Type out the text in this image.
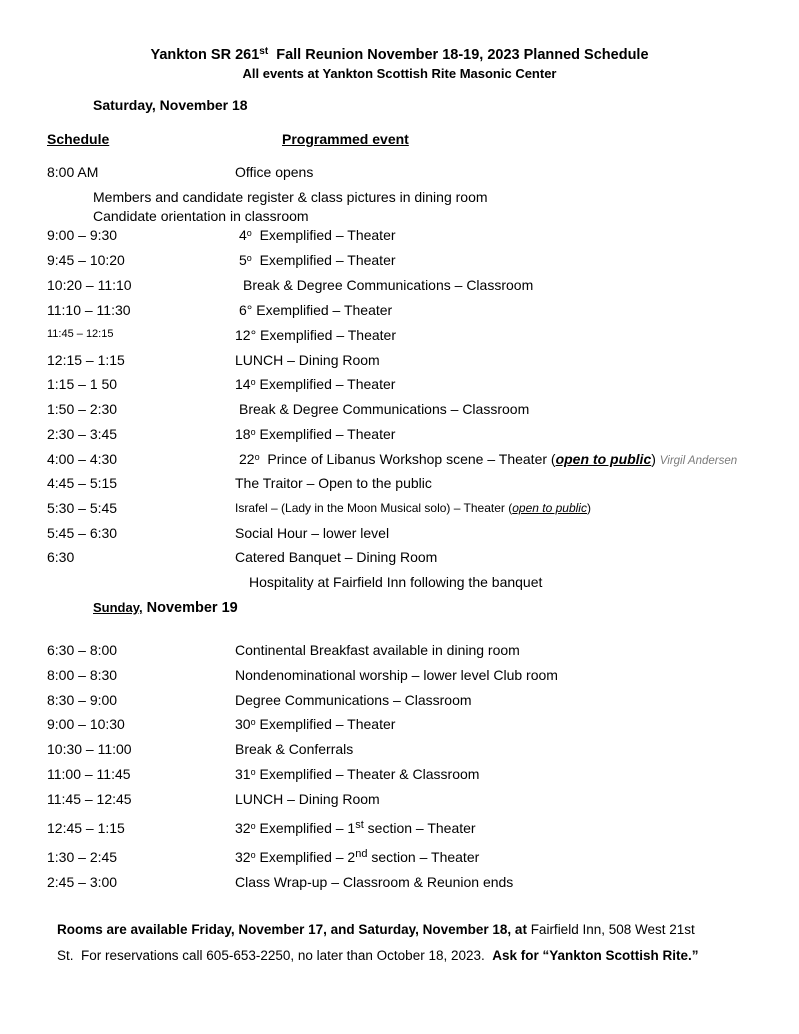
Yankton SR 261st  Fall Reunion November 18-19, 2023 Planned Schedule
All events at Yankton Scottish Rite Masonic Center
Saturday, November 18
Schedule	Programmed event
8:00 AM	Office opens
Members and candidate register & class pictures in dining room
Candidate orientation in classroom
9:00 – 9:30	4$^o$  Exemplified – Theater
9:45 – 10:20	5$^o$  Exemplified – Theater
10:20 – 11:10	Break & Degree Communications – Classroom
11:10 – 11:30	6° Exemplified – Theater
11:45 – 12:15	12° Exemplified – Theater
12:15 – 1:15	LUNCH – Dining Room
1:15 – 1 50	14$^o$ Exemplified – Theater
1:50 – 2:30	Break & Degree Communications – Classroom
2:30 – 3:45	18$^o$ Exemplified – Theater
4:00 – 4:30	22$^o$  Prince of Libanus Workshop scene – Theater (open to public) Virgil Andersen
4:45 – 5:15	The Traitor – Open to the public
5:30 – 5:45	Israfel – (Lady in the Moon Musical solo) – Theater (open to public)
5:45 – 6:30	Social Hour – lower level
6:30	Catered Banquet – Dining Room
Hospitality at Fairfield Inn following the banquet
Sunday, November 19
6:30 – 8:00	Continental Breakfast available in dining room
8:00 – 8:30	Nondenominational worship – lower level Club room
8:30 – 9:00	Degree Communications – Classroom
9:00 – 10:30	30$^o$ Exemplified – Theater
10:30 – 11:00	Break & Conferrals
11:00 – 11:45	31$^o$ Exemplified – Theater & Classroom
11:45 – 12:45	LUNCH – Dining Room
12:45 – 1:15	32$^o$ Exemplified – 1st section – Theater
1:30 – 2:45	32$^o$ Exemplified – 2nd section – Theater
2:45 – 3:00	Class Wrap-up – Classroom & Reunion ends
Rooms are available Friday, November 17, and Saturday, November 18, at Fairfield Inn, 508 West 21st
St.  For reservations call 605-653-2250, no later than October 18, 2023.  Ask for “Yankton Scottish Rite.”
